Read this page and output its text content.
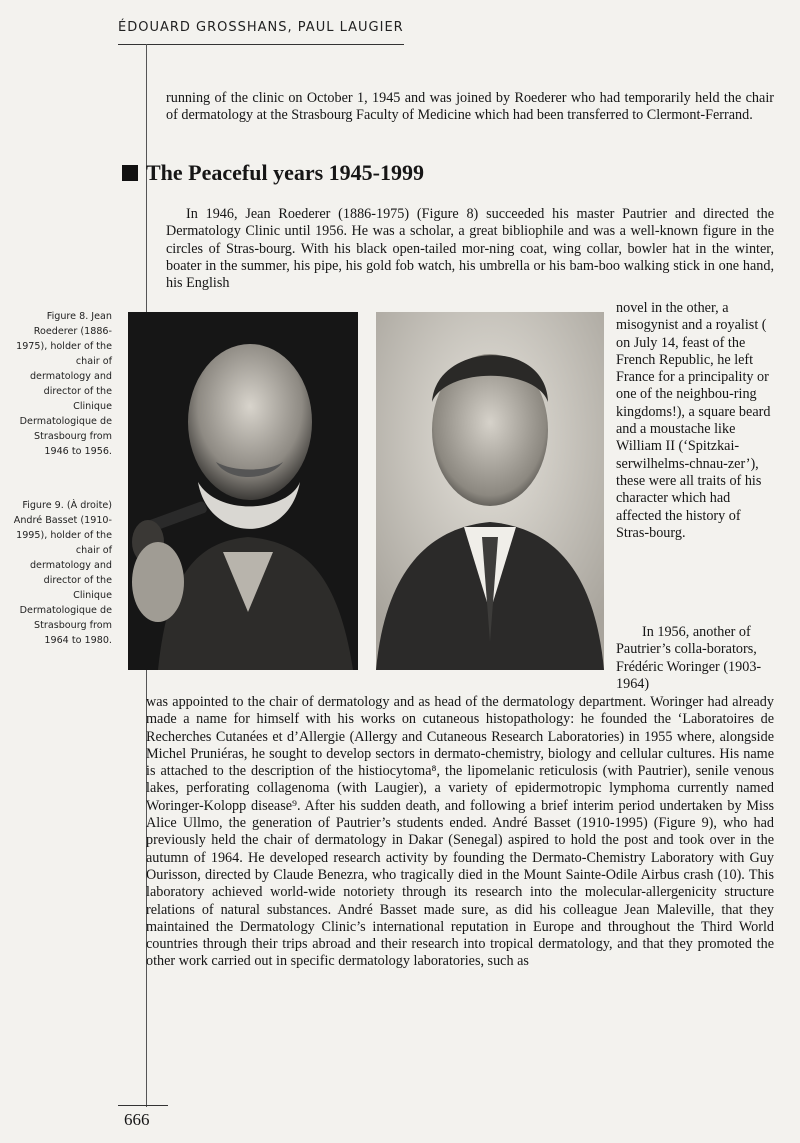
ÉDOUARD GROSSHANS, PAUL LAUGIER

running of the clinic on October 1, 1945 and was joined by Roederer who had temporarily held the chair of dermatology at the Strasbourg Faculty of Medicine which had been transferred to Clermont-Ferrand.

The Peaceful years 1945-1999

In 1946, Jean Roederer (1886-1975) (Figure 8) succeeded his master Pautrier and directed the Dermatology Clinic until 1956. He was a scholar, a great bibliophile and was a well-known figure in the circles of Stras-bourg. With his black open-tailed mor-ning coat, wing collar, bowler hat in the winter, boater in the summer, his pipe, his gold fob watch, his umbrella or his bam-boo walking stick in one hand, his English

Figure 8. Jean Roederer (1886-1975), holder of the chair of dermatology and director of the Clinique Dermatologique de Strasbourg from 1946 to 1956.
Figure 9. (À droite) André Basset (1910-1995), holder of the chair of dermatology and director of the Clinique Dermatologique de Strasbourg from 1964 to 1980.

novel in the other, a misogynist and a royalist ( on July 14, feast of the French Republic, he left France for a principality or one of the neighbou-ring kingdoms!), a square beard and a moustache like William II (‘Spitzkai-serwilhelms-chnau-zer’), these were all traits of his character which had affected the history of Stras-bourg.

In 1956, another of Pautrier’s colla-borators, Frédéric Woringer (1903-1964)

was appointed to the chair of dermatology and as head of the dermatology department. Woringer had already made a name for himself with his works on cutaneous histopathology: he founded the ‘Laboratoires de Recherches Cutanées et d’Allergie (Allergy and Cutaneous Research Laboratories) in 1955 where, alongside Michel Pruniéras, he sought to develop sectors in dermato-chemistry, biology and cellular cultures. His name is attached to the description of the histiocytoma⁸, the lipomelanic reticulosis (with Pautrier), senile venous lakes, perforating collagenoma (with Laugier), a variety of epidermotropic lymphoma currently named Woringer-Kolopp disease⁹. After his sudden death, and following a brief interim period undertaken by Miss Alice Ullmo, the generation of Pautrier’s students ended. André Basset (1910-1995) (Figure 9), who had previously held the chair of dermatology in Dakar (Senegal) aspired to hold the post and took over in the autumn of 1964. He developed research activity by founding the Dermato-Chemistry Laboratory with Guy Ourisson, directed by Claude Benezra, who tragically died in the Mount Sainte-Odile Airbus crash (10). This laboratory achieved world-wide notoriety through its research into the molecular-allergenicity structure relations of natural substances. André Basset made sure, as did his colleague Jean Maleville, that they maintained the Dermatology Clinic’s international reputation in Europe and throughout the Third World countries through their trips abroad and their research into tropical dermatology, and that they promoted the other work carried out in specific dermatology laboratories, such as

666
